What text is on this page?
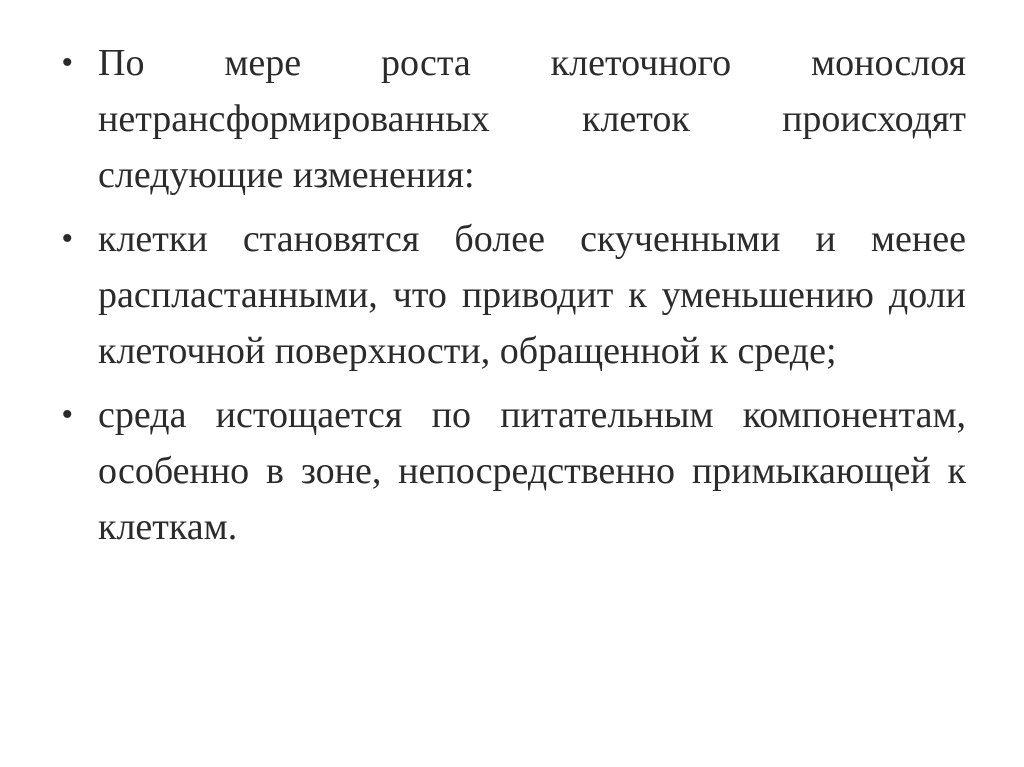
• По мере роста клеточного монослоя нетрансформированных клеток происходят следующие изменения:
• клетки становятся более скученными и менее распластанными, что приводит к уменьшению доли клеточной поверхности, обращенной к среде;
• среда истощается по питательным компонентам, особенно в зоне, непосредственно примыкающей к клеткам.
